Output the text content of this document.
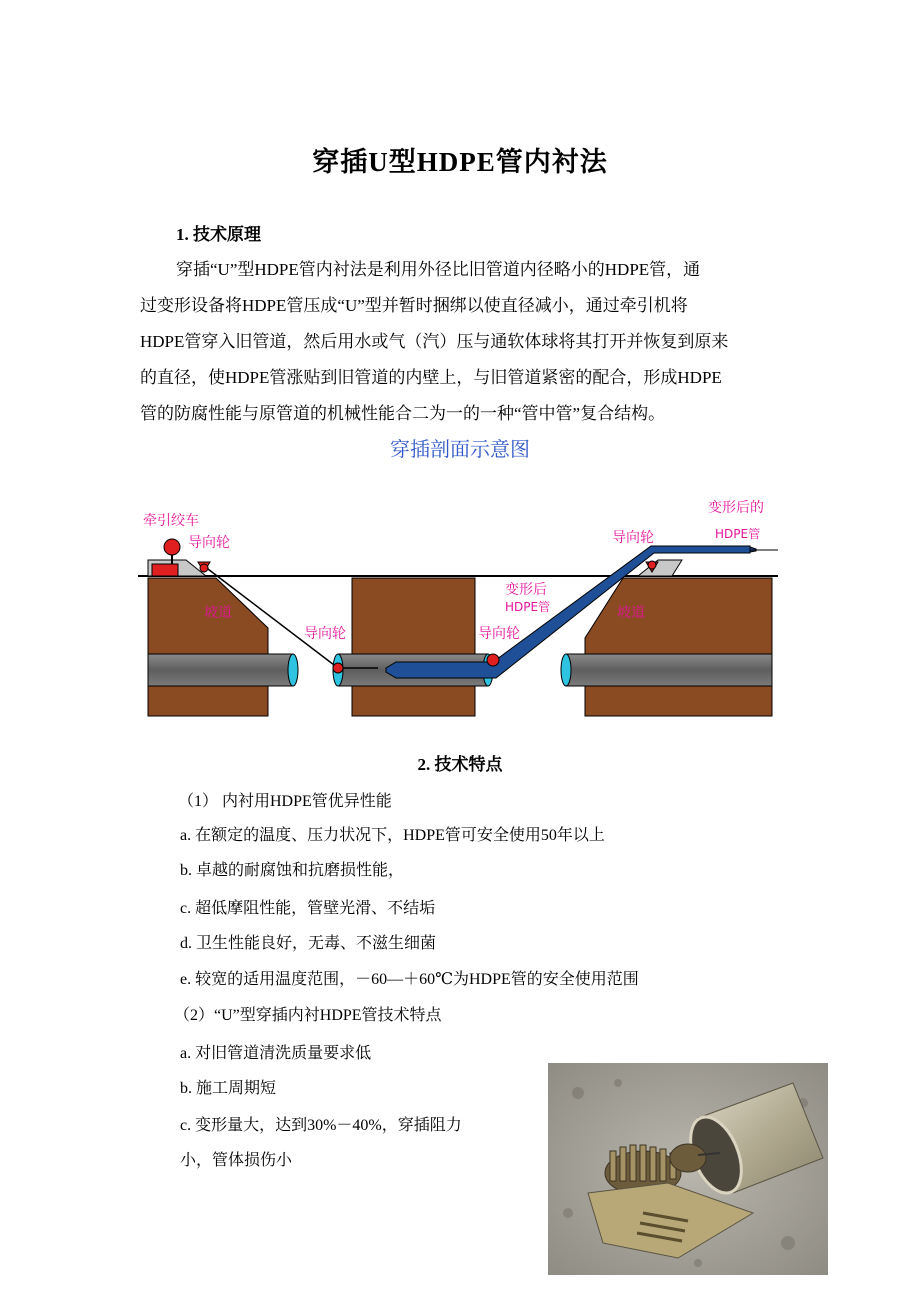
穿插U型HDPE管内衬法
1. 技术原理
穿插“U”型HDPE管内衬法是利用外径比旧管道内径略小的HDPE管，通
过变形设备将HDPE管压成“U”型并暂时捆绑以使直径减小，通过牵引机将
HDPE管穿入旧管道，然后用水或气（汽）压与通软体球将其打开并恢复到原来
的直径，使HDPE管涨贴到旧管道的内壁上，与旧管道紧密的配合，形成HDPE
管的防腐性能与原管道的机械性能合二为一的一种“管中管”复合结构。
穿插剖面示意图
牵引绞车
导向轮
坡道
导向轮
变形后
HDPE管
导向轮
坡道
导向轮
变形后的
HDPE管
2. 技术特点
（1） 内衬用HDPE管优异性能
a. 在额定的温度、压力状况下，HDPE管可安全使用50年以上
b. 卓越的耐腐蚀和抗磨损性能，
c. 超低摩阻性能，管壁光滑、不结垢
d. 卫生性能良好，无毒、不滋生细菌
e. 较宽的适用温度范围，－60—＋60℃为HDPE管的安全使用范围
（2）“U”型穿插内衬HDPE管技术特点
a. 对旧管道清洗质量要求低
b. 施工周期短
c. 变形量大，达到30%－40%，穿插阻力
小，管体损伤小
